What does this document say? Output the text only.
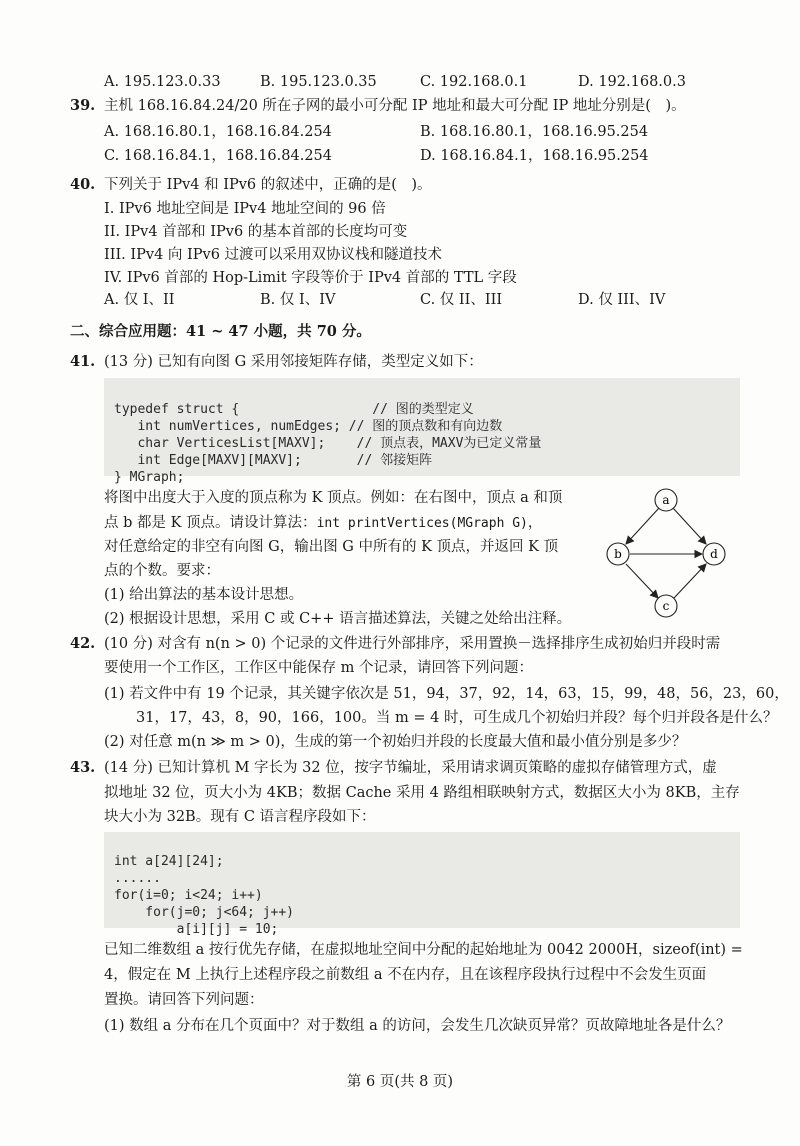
A. 195.123.0.33	B. 195.123.0.35	C. 192.168.0.1	D. 192.168.0.3
39. 主机 168.16.84.24/20 所在子网的最小可分配 IP 地址和最大可分配 IP 地址分别是(　)。
A. 168.16.80.1，168.16.84.254	B. 168.16.80.1，168.16.95.254
C. 168.16.84.1，168.16.84.254	D. 168.16.84.1，168.16.95.254
40. 下列关于 IPv4 和 IPv6 的叙述中，正确的是(　)。
I. IPv6 地址空间是 IPv4 地址空间的 96 倍
II. IPv4 首部和 IPv6 的基本首部的长度均可变
III. IPv4 向 IPv6 过渡可以采用双协议栈和隧道技术
IV. IPv6 首部的 Hop-Limit 字段等价于 IPv4 首部的 TTL 字段
A. 仅 I、II	B. 仅 I、IV	C. 仅 II、III	D. 仅 III、IV
二、综合应用题：41 ~ 47 小题，共 70 分。
41. (13 分) 已知有向图 G 采用邻接矩阵存储，类型定义如下：

typedef struct {                 // 图的类型定义
int numVertices, numEdges; // 图的顶点数和有向边数
char VerticesList[MAXV];    // 顶点表，MAXV为已定义常量
int Edge[MAXV][MAXV];       // 邻接矩阵
} MGraph;
将图中出度大于入度的顶点称为 K 顶点。例如：在右图中，顶点 a 和顶
点 b 都是 K 顶点。请设计算法：int printVertices(MGraph G)，
对任意给定的非空有向图 G，输出图 G 中所有的 K 顶点，并返回 K 顶
点的个数。要求：
(1) 给出算法的基本设计思想。
(2) 根据设计思想，采用 C 或 C++ 语言描述算法，关键之处给出注释。
a
b
c
d
42. (10 分) 对含有 n(n > 0) 个记录的文件进行外部排序，采用置换－选择排序生成初始归并段时需
要使用一个工作区，工作区中能保存 m 个记录，请回答下列问题：
(1) 若文件中有 19 个记录，其关键字依次是 51，94，37，92，14，63，15，99，48，56，23，60，
31，17，43，8，90，166，100。当 m = 4 时，可生成几个初始归并段？每个归并段各是什么？
(2) 对任意 m(n ≫ m > 0)，生成的第一个初始归并段的长度最大值和最小值分别是多少？
43. (14 分) 已知计算机 M 字长为 32 位，按字节编址，采用请求调页策略的虚拟存储管理方式，虚
拟地址 32 位，页大小为 4KB；数据 Cache 采用 4 路组相联映射方式，数据区大小为 8KB，主存
块大小为 32B。现有 C 语言程序段如下：

int a[24][24];
......
for(i=0; i<24; i++)
for(j=0; j<64; j++)
a[i][j] = 10;
已知二维数组 a 按行优先存储，在虚拟地址空间中分配的起始地址为 0042 2000H，sizeof(int) =
4，假定在 M 上执行上述程序段之前数组 a 不在内存，且在该程序段执行过程中不会发生页面
置换。请回答下列问题：
(1) 数组 a 分布在几个页面中？对于数组 a 的访问，会发生几次缺页异常？页故障地址各是什么？
第 6 页(共 8 页)
